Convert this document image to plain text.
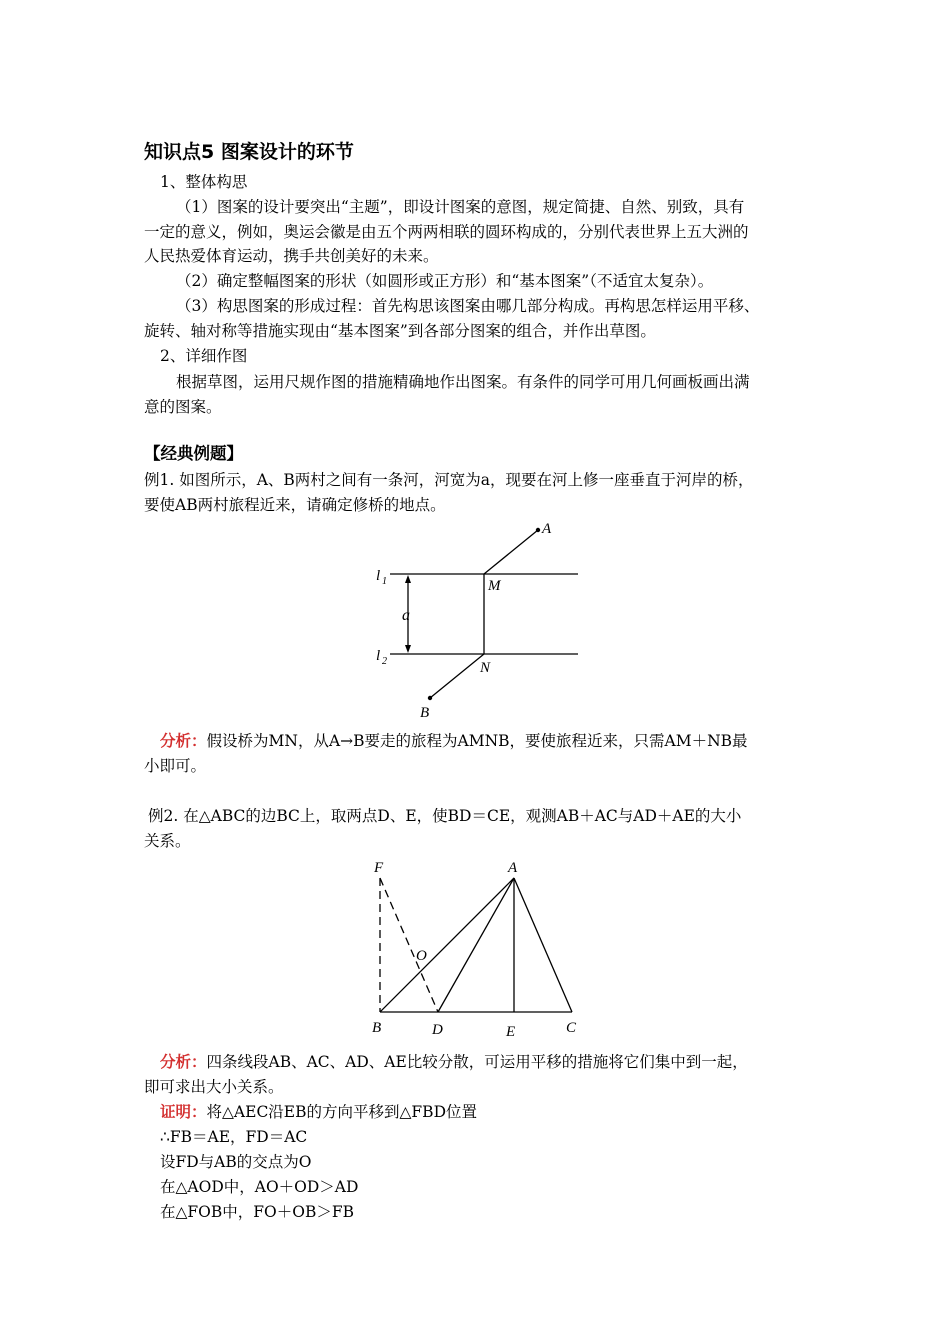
知识点5 图案设计的环节
1、整体构思
（1）图案的设计要突出“主题”，即设计图案的意图，规定简捷、自然、别致，具有
一定的意义，例如，奥运会徽是由五个两两相联的圆环构成的，分别代表世界上五大洲的
人民热爱体育运动，携手共创美好的未来。
（2）确定整幅图案的形状（如圆形或正方形）和“基本图案”（不适宜太复杂）。
（3）构思图案的形成过程：首先构思该图案由哪几部分构成。再构思怎样运用平移、
旋转、轴对称等措施实现由“基本图案”到各部分图案的组合，并作出草图。
2、详细作图
根据草图，运用尺规作图的措施精确地作出图案。有条件的同学可用几何画板画出满
意的图案。
【经典例题】
例1. 如图所示，A、B两村之间有一条河，河宽为a，现要在河上修一座垂直于河岸的桥，
要使AB两村旅程近来，请确定修桥的地点。
A
M
l 1
a
l 2	N
B
分析：假设桥为MN，从A→B要走的旅程为AMNB，要使旅程近来，只需AM＋NB最
小即可。
例2. 在△ABC的边BC上，取两点D、E，使BD＝CE，观测AB＋AC与AD＋AE的大小
关系。
F	A
O
B	D	E	C
分析：四条线段AB、AC、AD、AE比较分散，可运用平移的措施将它们集中到一起，
即可求出大小关系。
证明：将△AEC沿EB的方向平移到△FBD位置
∴FB＝AE，FD＝AC
设FD与AB的交点为O
在△AOD中，AO＋OD＞AD
在△FOB中，FO＋OB＞FB
